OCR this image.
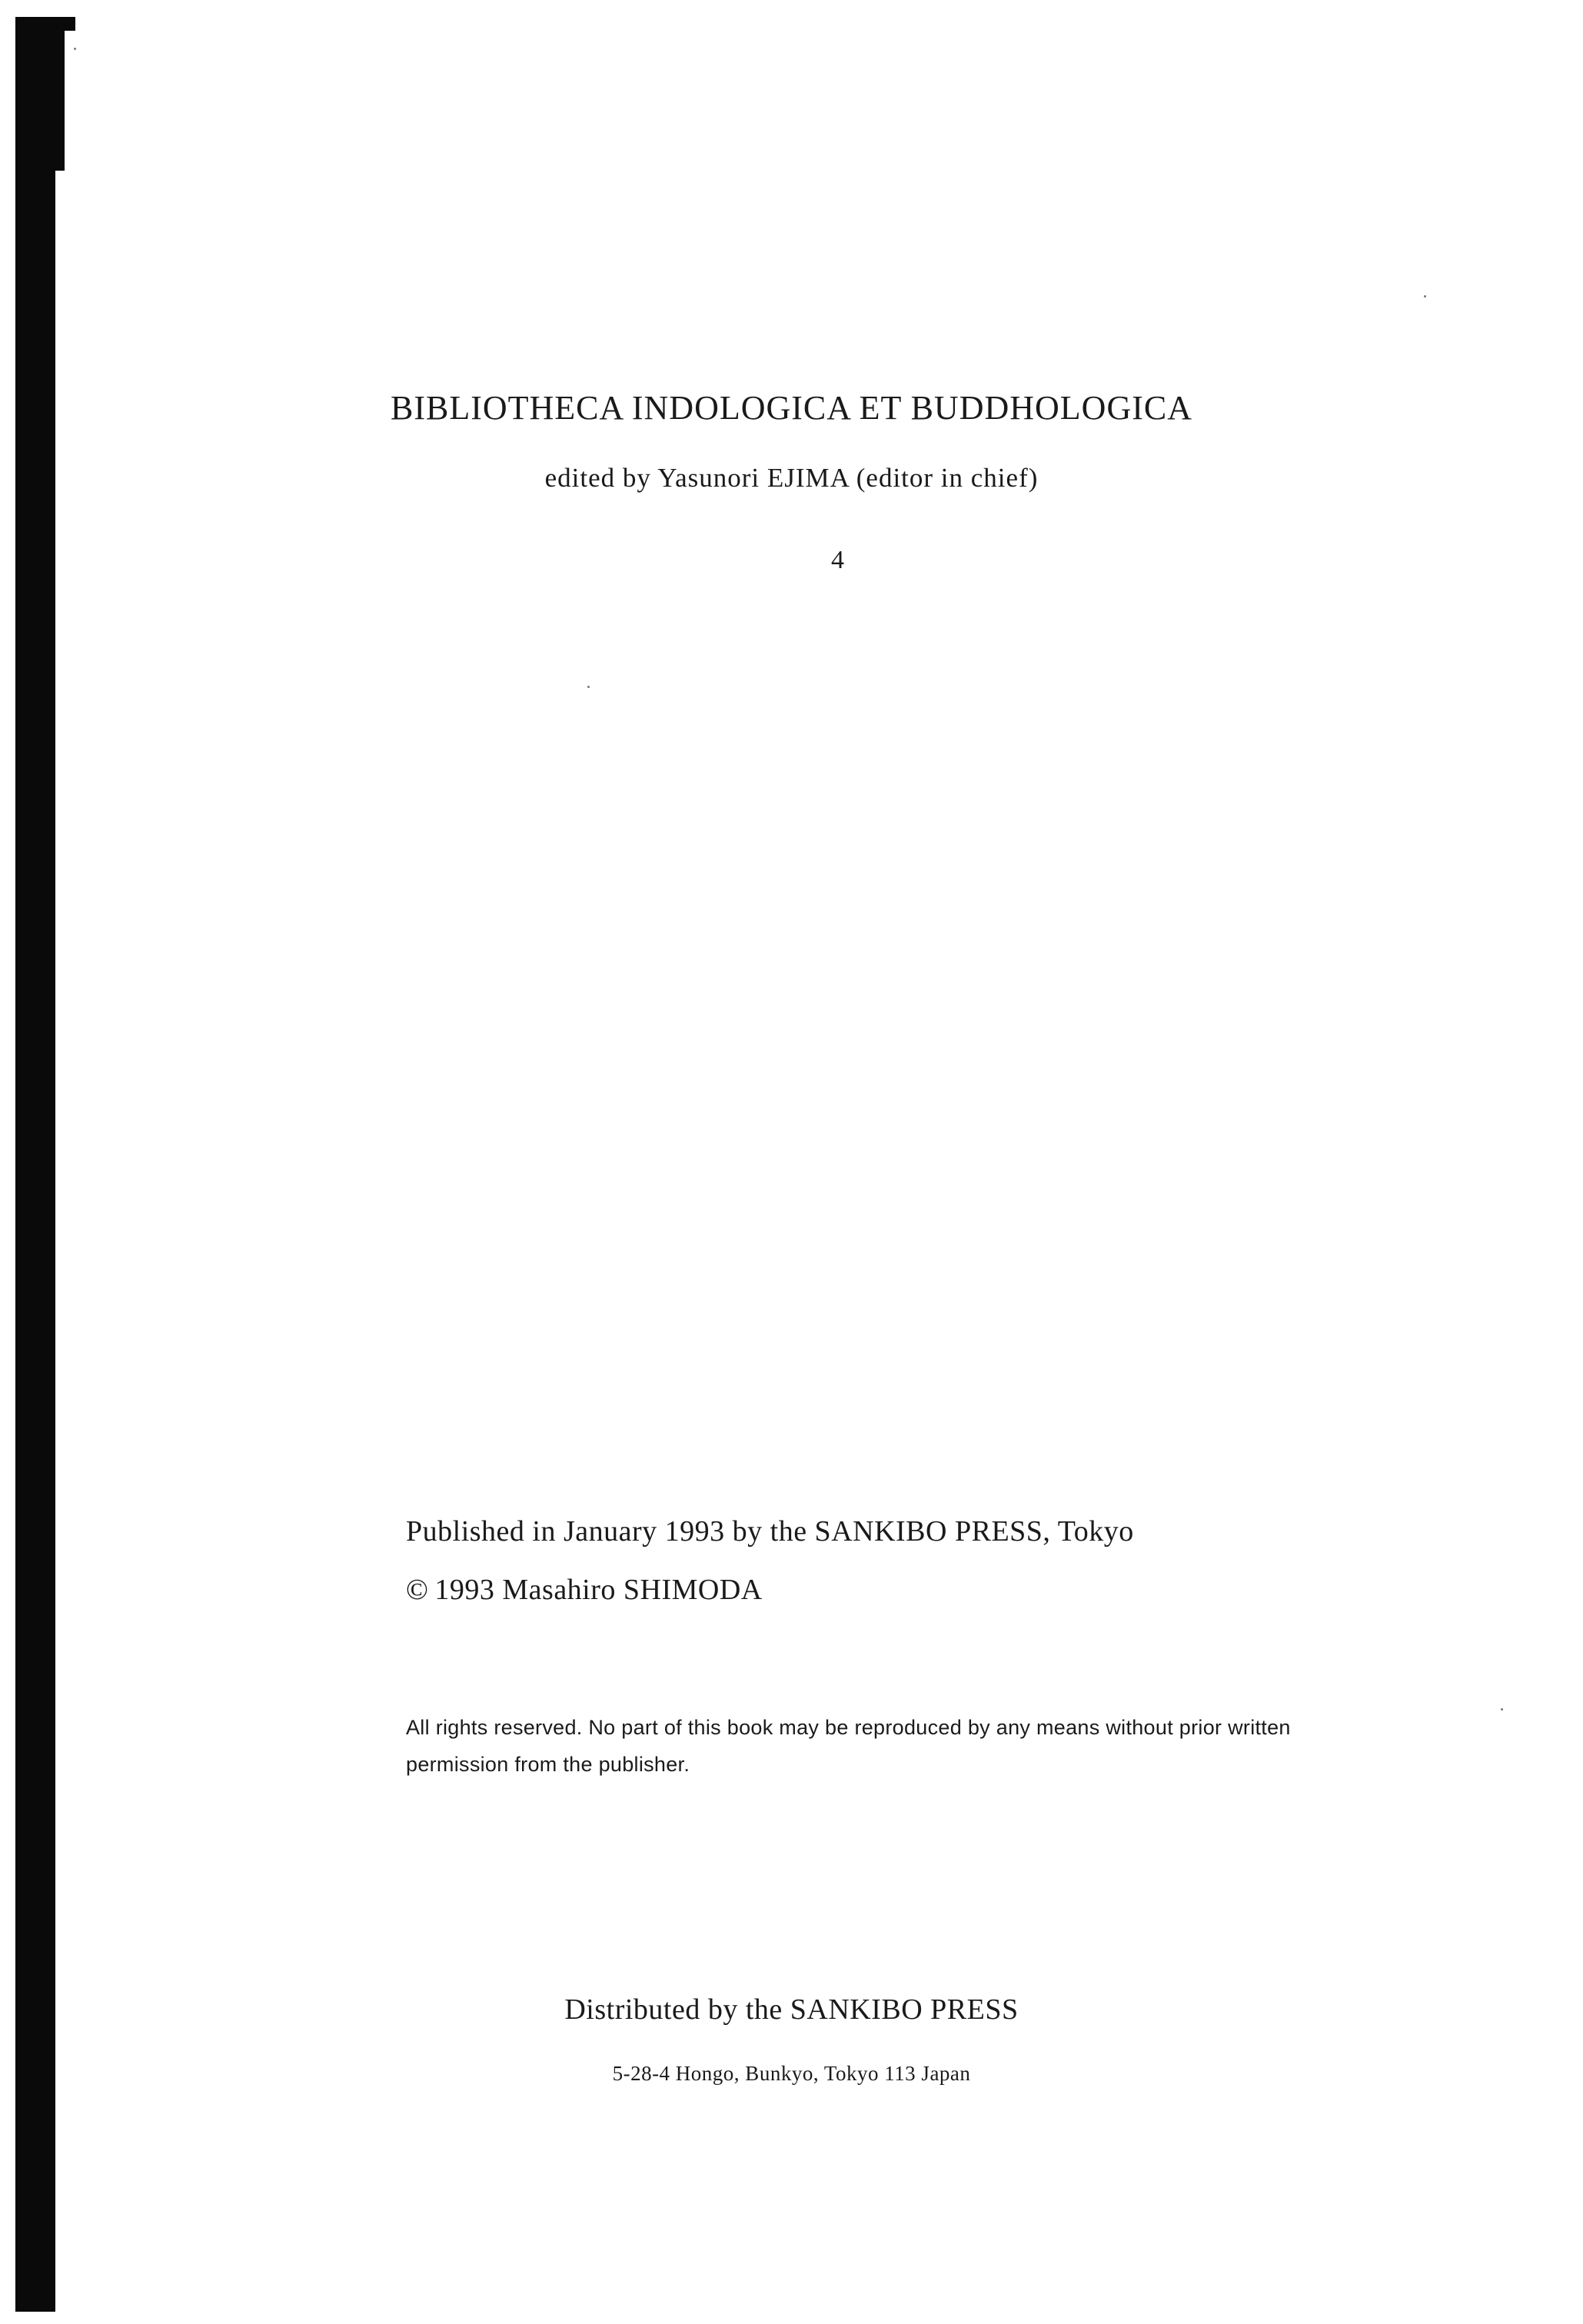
BIBLIOTHECA INDOLOGICA ET BUDDHOLOGICA
edited by Yasunori EJIMA (editor in chief)
4
Published in January 1993 by the SANKIBO PRESS, Tokyo
© 1993 Masahiro SHIMODA
All rights reserved. No part of this book may be reproduced by any means without prior written permission from the publisher.
Distributed by the SANKIBO PRESS
5-28-4 Hongo, Bunkyo, Tokyo 113 Japan
